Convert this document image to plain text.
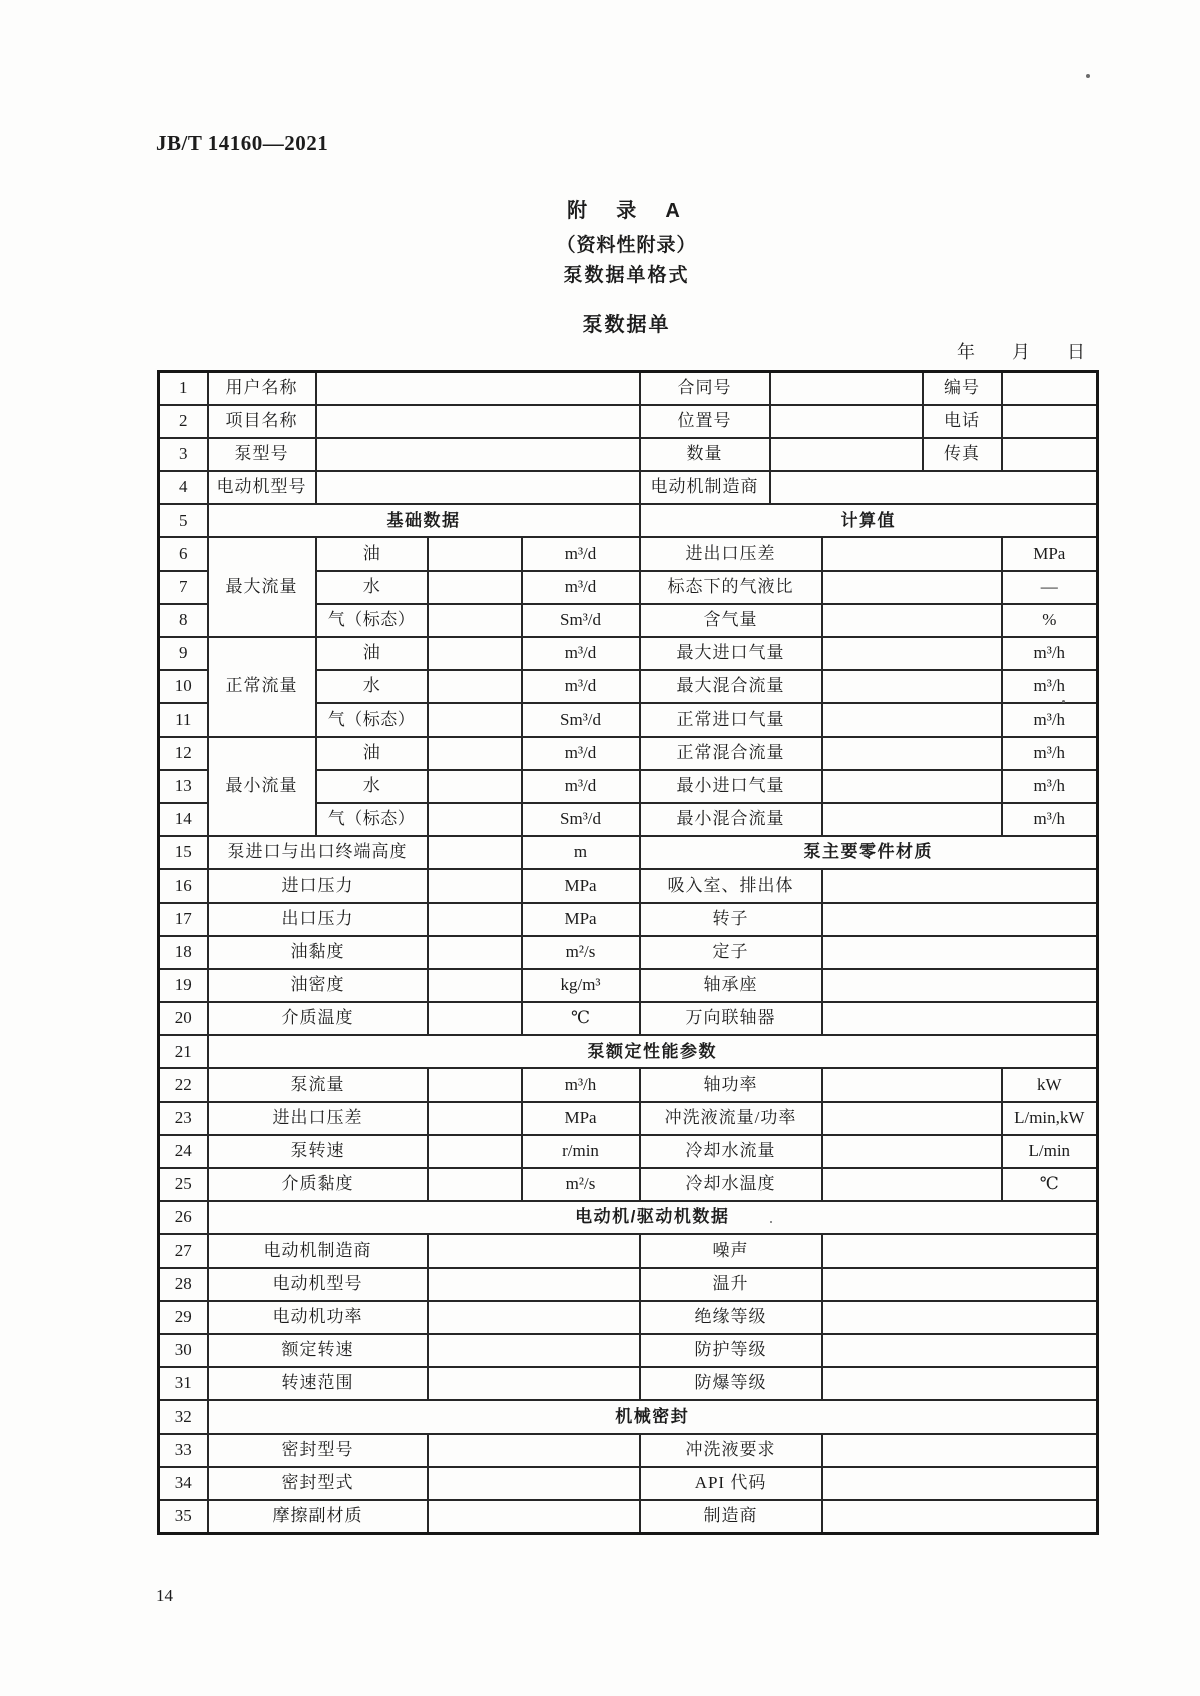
JB/T 14160—2021
附  录  A
（资料性附录）
泵数据单格式
泵数据单
年 月 日
1	用户名称				合同号			编号	
2	项目名称				位置号			电话	
3	泵型号				数量			传真	
4	电动机型号				电动机制造商				
5	基础数据				计算值				
6	最大流量	油		m³/d	进出口压差				MPa
7		水		m³/d	标态下的气液比				—
8		气（标态）		Sm³/d	含气量				%
9	正常流量	油		m³/d	最大进口气量				m³/h
10		水		m³/d	最大混合流量				m³/h
11		气（标态）		Sm³/d	正常进口气量				m³/h
12	最小流量	油		m³/d	正常混合流量				m³/h
13		水		m³/d	最小进口气量				m³/h
14		气（标态）		Sm³/d	最小混合流量				m³/h
15	泵进口与出口终端高度			m	泵主要零件材质				
16	进口压力			MPa	吸入室、排出体				
17	出口压力			MPa	转子				
18	油黏度			m²/s	定子				
19	油密度			kg/m³	轴承座				
20	介质温度			℃	万向联轴器				
21	泵额定性能参数								
22	泵流量			m³/h	轴功率				kW
23	进出口压差			MPa	冲洗液流量/功率				L/min,kW
24	泵转速			r/min	冷却水流量				L/min
25	介质黏度			m²/s	冷却水温度				℃
26	电动机/驱动机数据								
27	电动机制造商				噪声				
28	电动机型号				温升				
29	电动机功率				绝缘等级				
30	额定转速				防护等级				
31	转速范围				防爆等级				
32	机械密封								
33	密封型号				冲洗液要求				
34	密封型式				API 代码				
35	摩擦副材质				制造商				
14
